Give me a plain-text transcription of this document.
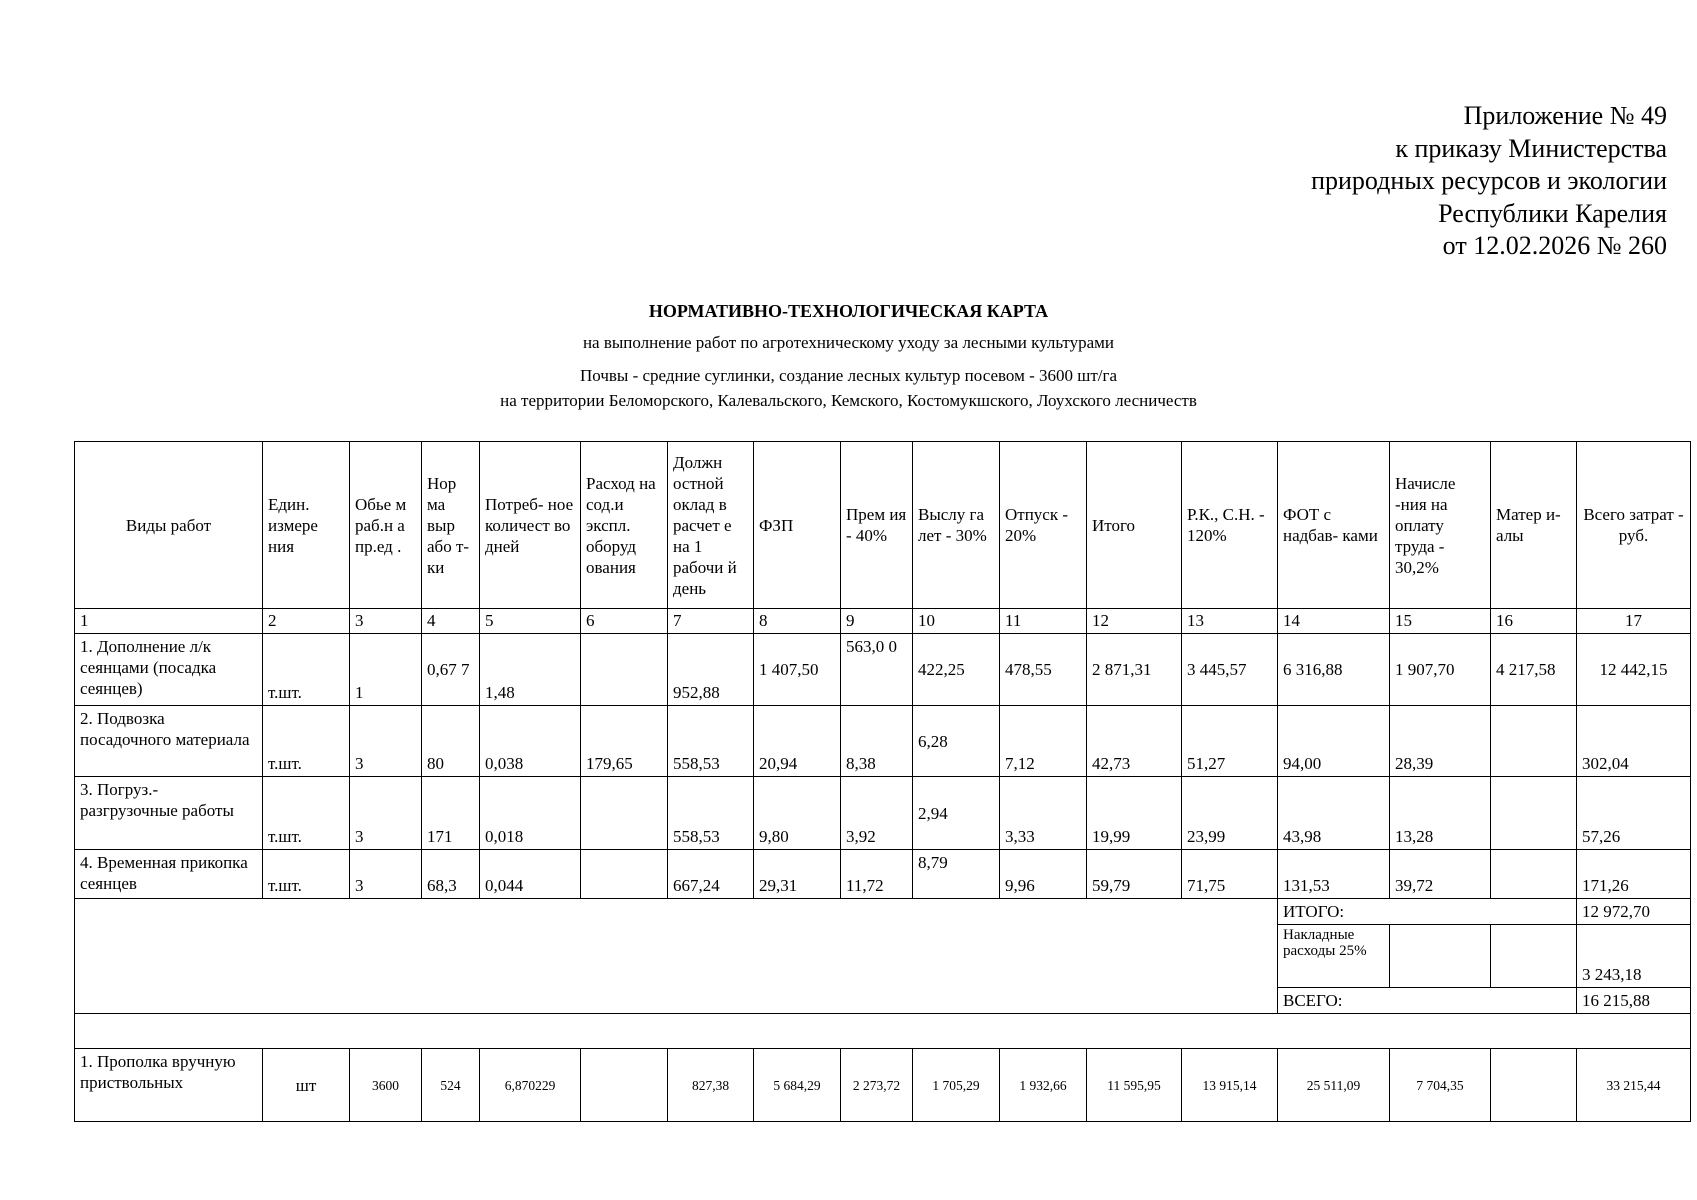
Приложение № 49
к приказу Министерства
природных ресурсов и экологии
Республики Карелия
от 12.02.2026 № 260
НОРМАТИВНО-ТЕХНОЛОГИЧЕСКАЯ КАРТА
на выполнение работ по агротехническому уходу за лесными культурами
Почвы - средние суглинки, создание лесных культур посевом - 3600 шт/га
на территории Беломорского, Калевальского, Кемского, Костомукшского, Лоухского лесничеств
Виды работ	Един. измере ния	Обье м раб.н а пр.ед .	Нор ма выр або т- ки	Потреб- ное количест во дней	Расход на сод.и экспл. оборуд ования	Должн остной оклад в расчет е на 1 рабочи й день	ФЗП	Прем ия - 40%	Выслу га лет - 30%	Отпуск - 20%	Итого	Р.К., С.Н. - 120%	ФОТ с надбав- ками	Начисле -ния на оплату труда - 30,2%	Матер и-алы	Всего затрат - руб.
1	2	3	4	5	6	7	8	9	10	11	12	13	14	15	16	17
1. Дополнение л/к сеянцами (посадка сеянцев)	т.шт.	1	0,67 7	1,48		952,88	1 407,50	563,0 0	422,25	478,55	2 871,31	3 445,57	6 316,88	1 907,70	4 217,58	12 442,15
2. Подвозка посадочного материала	т.шт.	3	80	0,038	179,65	558,53	20,94	8,38	6,28	7,12	42,73	51,27	94,00	28,39		302,04
3. Погруз.- разгрузочные работы	т.шт.	3	171	0,018		558,53	9,80	3,92	2,94	3,33	19,99	23,99	43,98	13,28		57,26
4. Временная прикопка сеянцев	т.шт.	3	68,3	0,044		667,24	29,31	11,72	8,79	9,96	59,79	71,75	131,53	39,72		171,26
													ИТОГО:			12 972,70
													Накладные расходы 25%			3 243,18
													ВСЕГО:			16 215,88

1. Прополка вручную приствольных	шт	3600	524	6,870229		827,38	5 684,29	2 273,72	1 705,29	1 932,66	11 595,95	13 915,14	25 511,09	7 704,35		33 215,44
